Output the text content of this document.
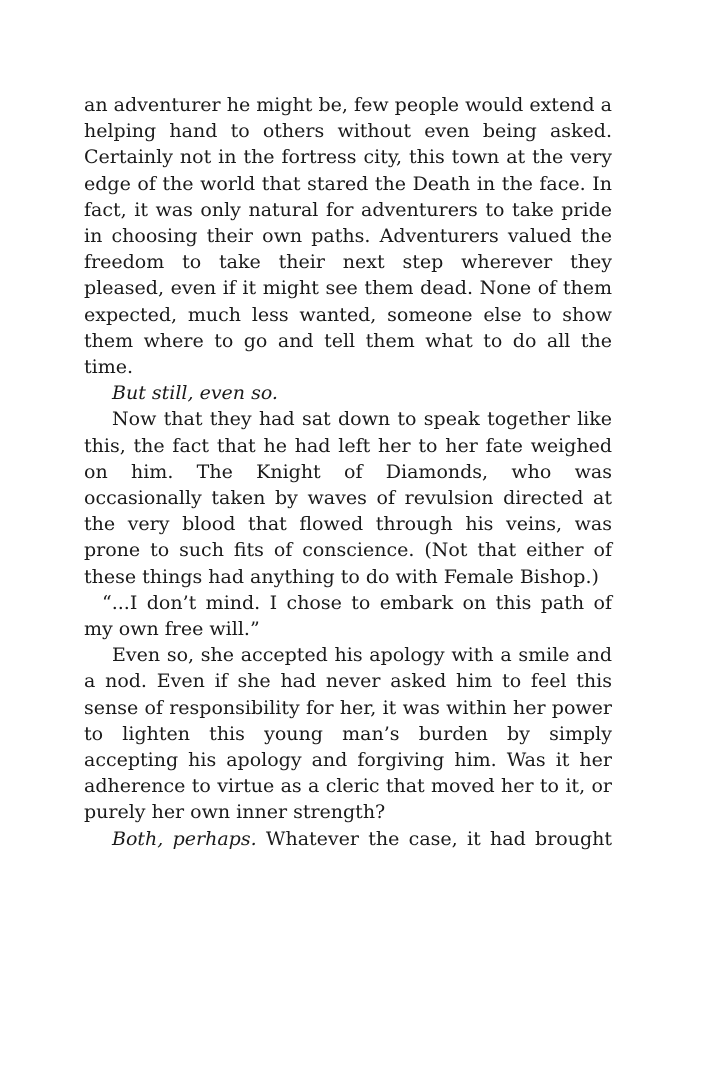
an adventurer he might be, few people would extend a helping hand to others without even being asked. Certainly not in the fortress city, this town at the very edge of the world that stared the Death in the face. In fact, it was only natural for adventurers to take pride in choosing their own paths. Adventurers valued the freedom to take their next step wherever they pleased, even if it might see them dead. None of them expected, much less wanted, someone else to show them where to go and tell them what to do all the time.

But still, even so.

Now that they had sat down to speak together like this, the fact that he had left her to her fate weighed on him. The Knight of Diamonds, who was occasionally taken by waves of revulsion directed at the very blood that flowed through his veins, was prone to such fits of conscience. (Not that either of these things had anything to do with Female Bishop.)

“...I don’t mind. I chose to embark on this path of my own free will.”

Even so, she accepted his apology with a smile and a nod. Even if she had never asked him to feel this sense of responsibility for her, it was within her power to lighten this young man’s burden by simply accepting his apology and forgiving him. Was it her adherence to virtue as a cleric that moved her to it, or purely her own inner strength?

Both, perhaps. Whatever the case, it had brought
